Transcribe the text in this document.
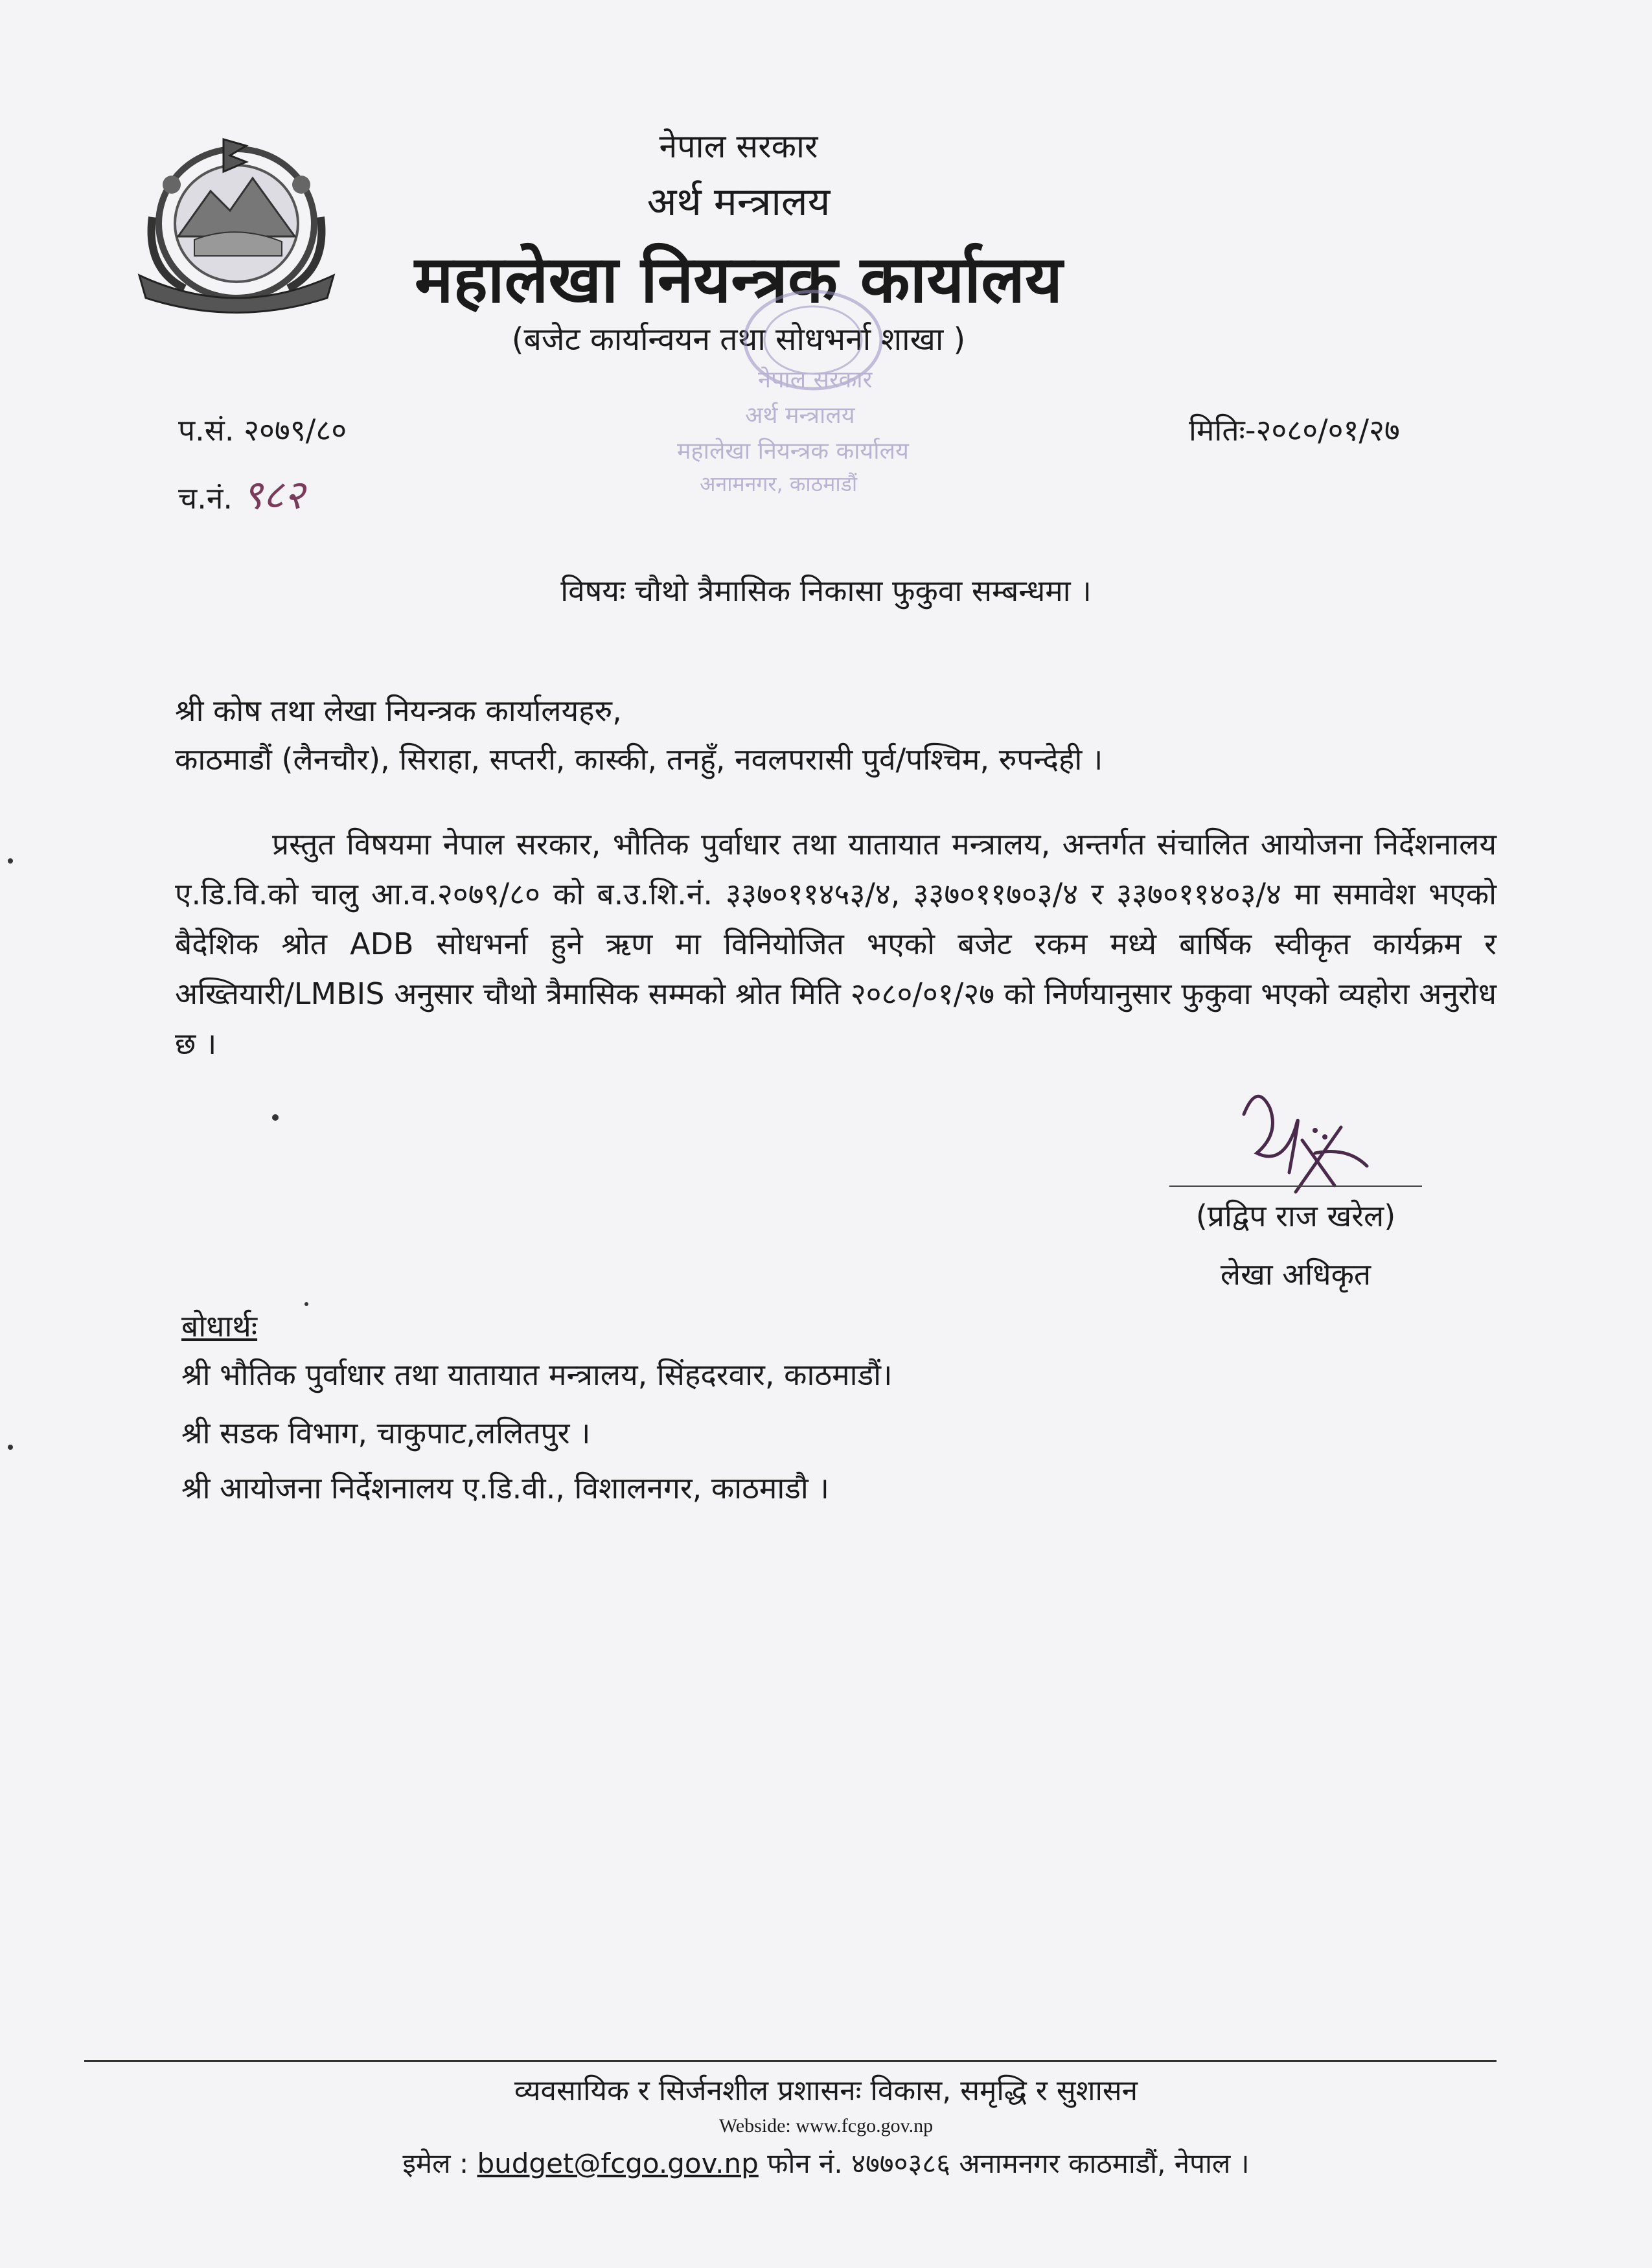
नेपाल सरकार
अर्थ मन्त्रालय
महालेखा नियन्त्रक कार्यालय
(बजेट कार्यान्वयन तथा सोधभर्ना शाखा )
नेपाल सरकार
अर्थ मन्त्रालय
महालेखा नियन्त्रक कार्यालय
अनामनगर, काठमाडौं
प.सं. २०७९/८०
च.नं. ९८२
मितिः-२०८०/०१/२७
विषयः चौथो त्रैमासिक निकासा फुकुवा सम्बन्धमा ।
श्री कोष तथा लेखा नियन्त्रक कार्यालयहरु,
काठमाडौं (लैनचौर), सिराहा, सप्तरी, कास्की, तनहुँ, नवलपरासी पुर्व/पश्चिम, रुपन्देही ।
प्रस्तुत विषयमा नेपाल सरकार, भौतिक पुर्वाधार तथा यातायात मन्त्रालय, अन्तर्गत संचालित आयोजना निर्देशनालय ए.डि.वि.को चालु आ.व.२०७९/८० को ब.उ.शि.नं. ३३७०११४५३/४, ३३७०११७०३/४ र ३३७०११४०३/४ मा समावेश भएको बैदेशिक श्रोत ADB सोधभर्ना हुने ऋण मा विनियोजित भएको बजेट रकम मध्ये बार्षिक स्वीकृत कार्यक्रम र अख्तियारी/LMBIS अनुसार चौथो त्रैमासिक सम्मको श्रोत मिति २०८०/०१/२७ को निर्णयानुसार फुकुवा भएको व्यहोरा अनुरोध छ ।
(प्रद्विप राज खरेल)
लेखा अधिकृत
बोधार्थः
श्री भौतिक पुर्वाधार तथा यातायात मन्त्रालय, सिंहदरवार, काठमाडौं।
श्री सडक विभाग, चाकुपाट,ललितपुर ।
श्री आयोजना निर्देशनालय ए.डि.वी., विशालनगर, काठमाडौ ।
व्यवसायिक र सिर्जनशील प्रशासनः विकास, समृद्धि र सुशासन
Webside: www.fcgo.gov.np
इमेल : budget@fcgo.gov.np फोन नं. ४७७०३८६ अनामनगर काठमाडौं, नेपाल ।
